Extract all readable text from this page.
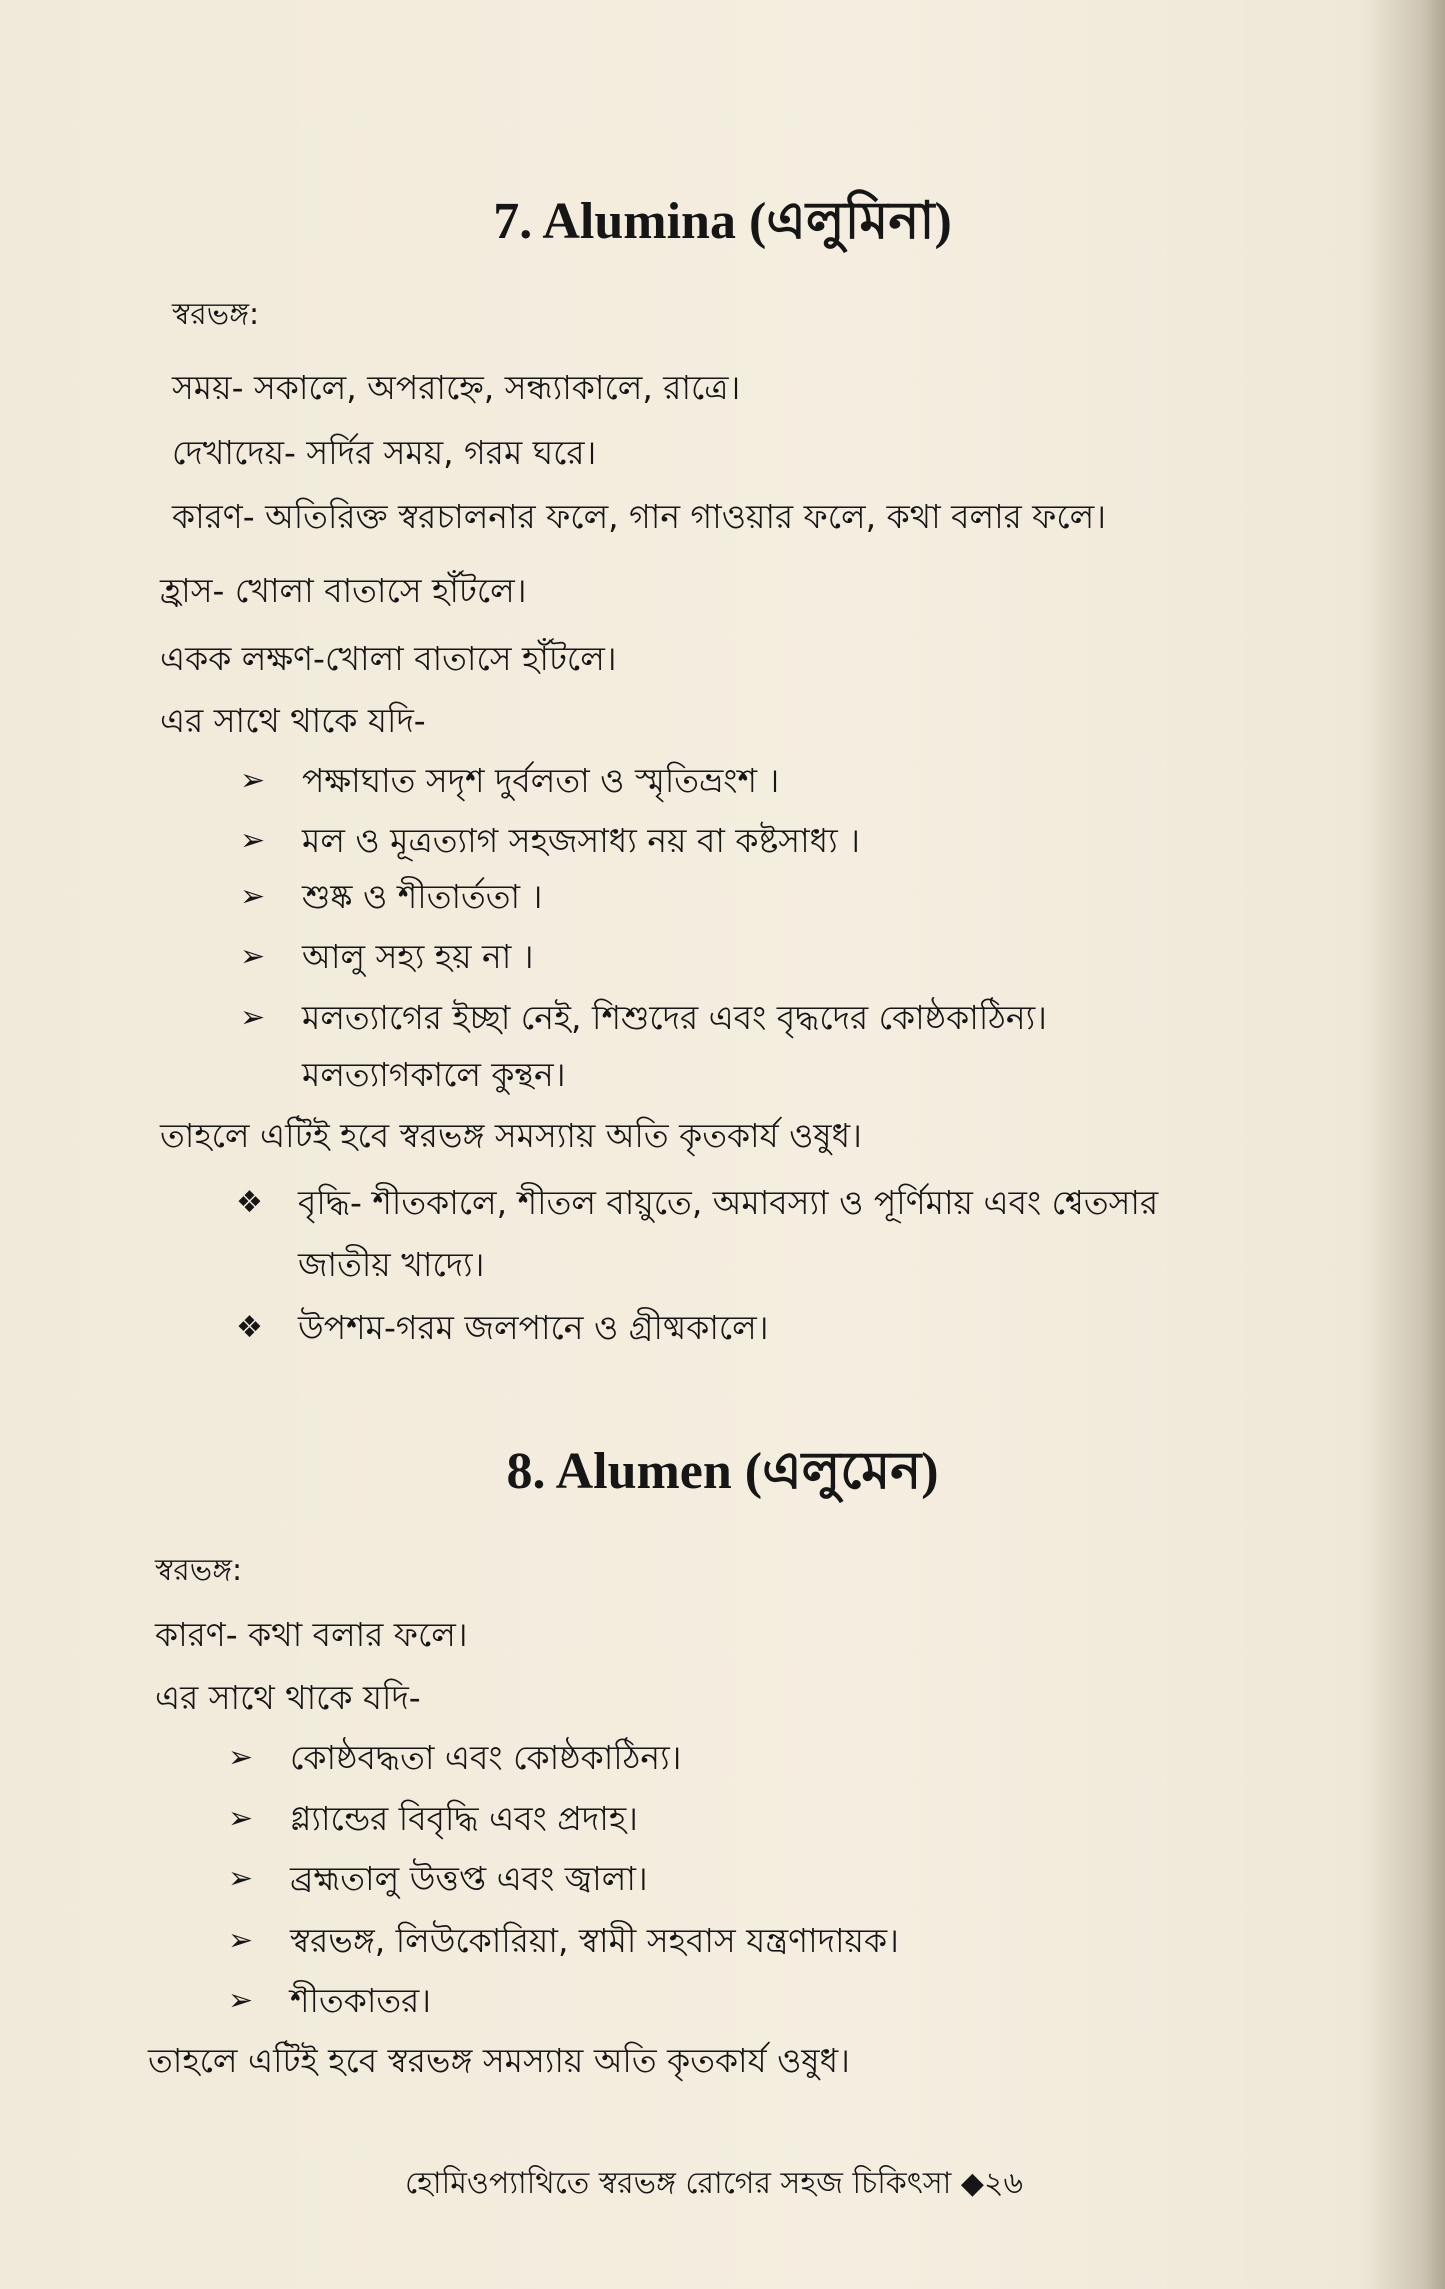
7. Alumina (এলুমিনা)

স্বরভঙ্গ:

সময়- সকালে, অপরাহ্নে, সন্ধ্যাকালে, রাত্রে।

দেখাদেয়- সর্দির সময়, গরম ঘরে।

কারণ- অতিরিক্ত স্বরচালনার ফলে, গান গাওয়ার ফলে, কথা বলার ফলে।

হ্রাস- খোলা বাতাসে হাঁটলে।

একক লক্ষণ-খোলা বাতাসে হাঁটলে।

এর সাথে থাকে যদি-

➢ পক্ষাঘাত সদৃশ দুর্বলতা ও স্মৃতিভ্রংশ ।
➢ মল ও মূত্রত্যাগ সহজসাধ্য নয় বা কষ্টসাধ্য ।
➢ শুষ্ক ও শীতার্ততা ।
➢ আলু সহ্য হয় না ।
➢ মলত্যাগের ইচ্ছা নেই, শিশুদের এবং বৃদ্ধদের কোষ্ঠকাঠিন্য।
মলত্যাগকালে কুন্থন।

তাহলে এটিই হবে স্বরভঙ্গ সমস্যায় অতি কৃতকার্য ওষুধ।

❖ বৃদ্ধি- শীতকালে, শীতল বায়ুতে, অমাবস্যা ও পূর্ণিমায় এবং শ্বেতসার
জাতীয় খাদ্যে।
❖ উপশম-গরম জলপানে ও গ্রীষ্মকালে।
8. Alumen (এলুমেন)

স্বরভঙ্গ:

কারণ- কথা বলার ফলে।

এর সাথে থাকে যদি-

➢ কোষ্ঠবদ্ধতা এবং কোষ্ঠকাঠিন্য।
➢ গ্ল্যান্ডের বিবৃদ্ধি এবং প্রদাহ।
➢ ব্রহ্মতালু উত্তপ্ত এবং জ্বালা।
➢ স্বরভঙ্গ, লিউকোরিয়া, স্বামী সহবাস যন্ত্রণাদায়ক।
➢ শীতকাতর।

তাহলে এটিই হবে স্বরভঙ্গ সমস্যায় অতি কৃতকার্য ওষুধ।

হোমিওপ্যাথিতে স্বরভঙ্গ রোগের সহজ চিকিৎসা ◆২৬
